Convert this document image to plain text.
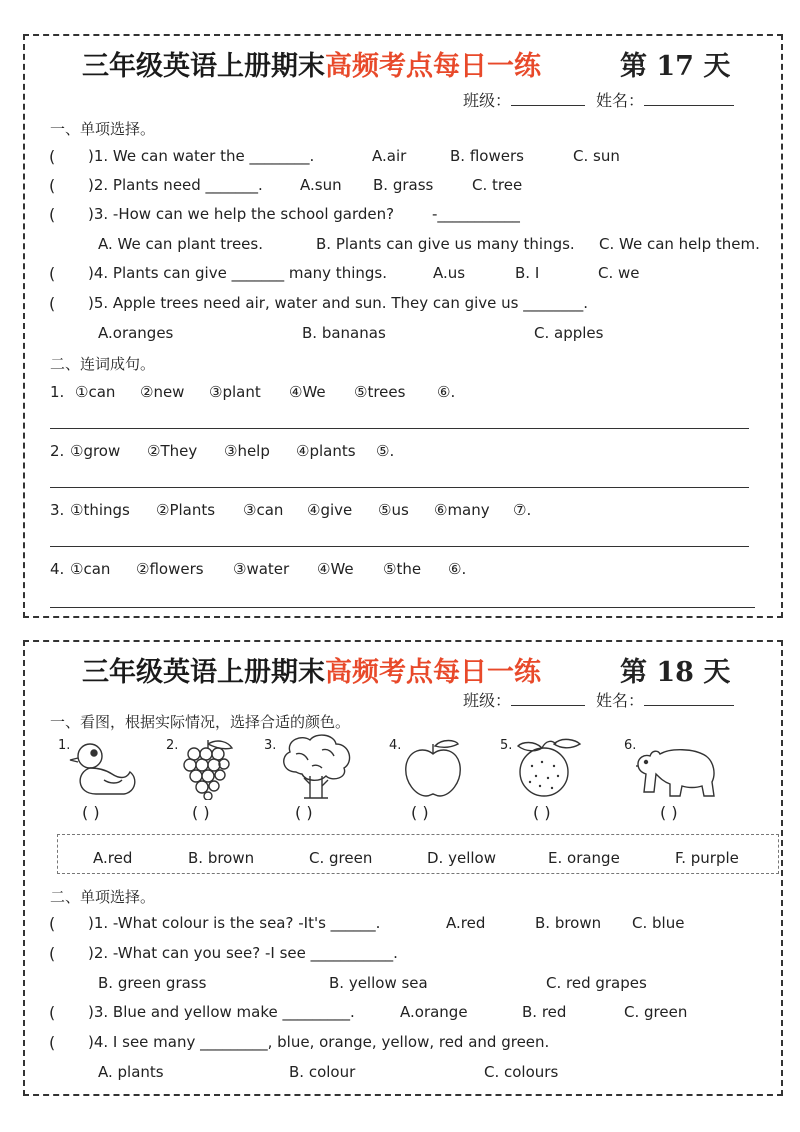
三年级英语上册期末高频考点每日一练	第 17 天
班级：	姓名：
一、单项选择。
( )1. We can water the ________.	A.air	B. flowers	C. sun
( )2. Plants need _______. A.sun B. grass	C. tree
( )3. -How can we help the school garden?	-___________
A. We can plant trees.	B. Plants can give us many things. C. We can help them.
( )4. Plants can give _______ many things.	A.us	B. I	C. we
( )5. Apple trees need air, water and sun. They can give us ________.
A.oranges	B. bananas	C. apples
二、连词成句。
1. ①can ②new ③plant ④We ⑤trees ⑥.
2. ①grow ②They ③help ④plants ⑤.
3. ①things ②Plants ③can ④give ⑤us ⑥many ⑦.
4. ①can ②flowers ③water ④We ⑤the ⑥.
三年级英语上册期末高频考点每日一练	第 18 天
班级：	姓名：
一、看图，根据实际情况，选择合适的颜色。
1.	2.	3.	4.	5.	6.
( )	( )	( )	( )	( )	( )
A.red	B. brown	C. green	D. yellow	E. orange	F. purple
二、单项选择。
( )1. -What colour is the sea? -It's ______.	A.red	B. brown C. blue
( )2. -What can you see? -I see ___________.
B. green grass	B. yellow sea	C. red grapes
( )3. Blue and yellow make _________.	A.orange	B. red	C. green
( )4. I see many _________, blue, orange, yellow, red and green.
A. plants	B. colour	C. colours
